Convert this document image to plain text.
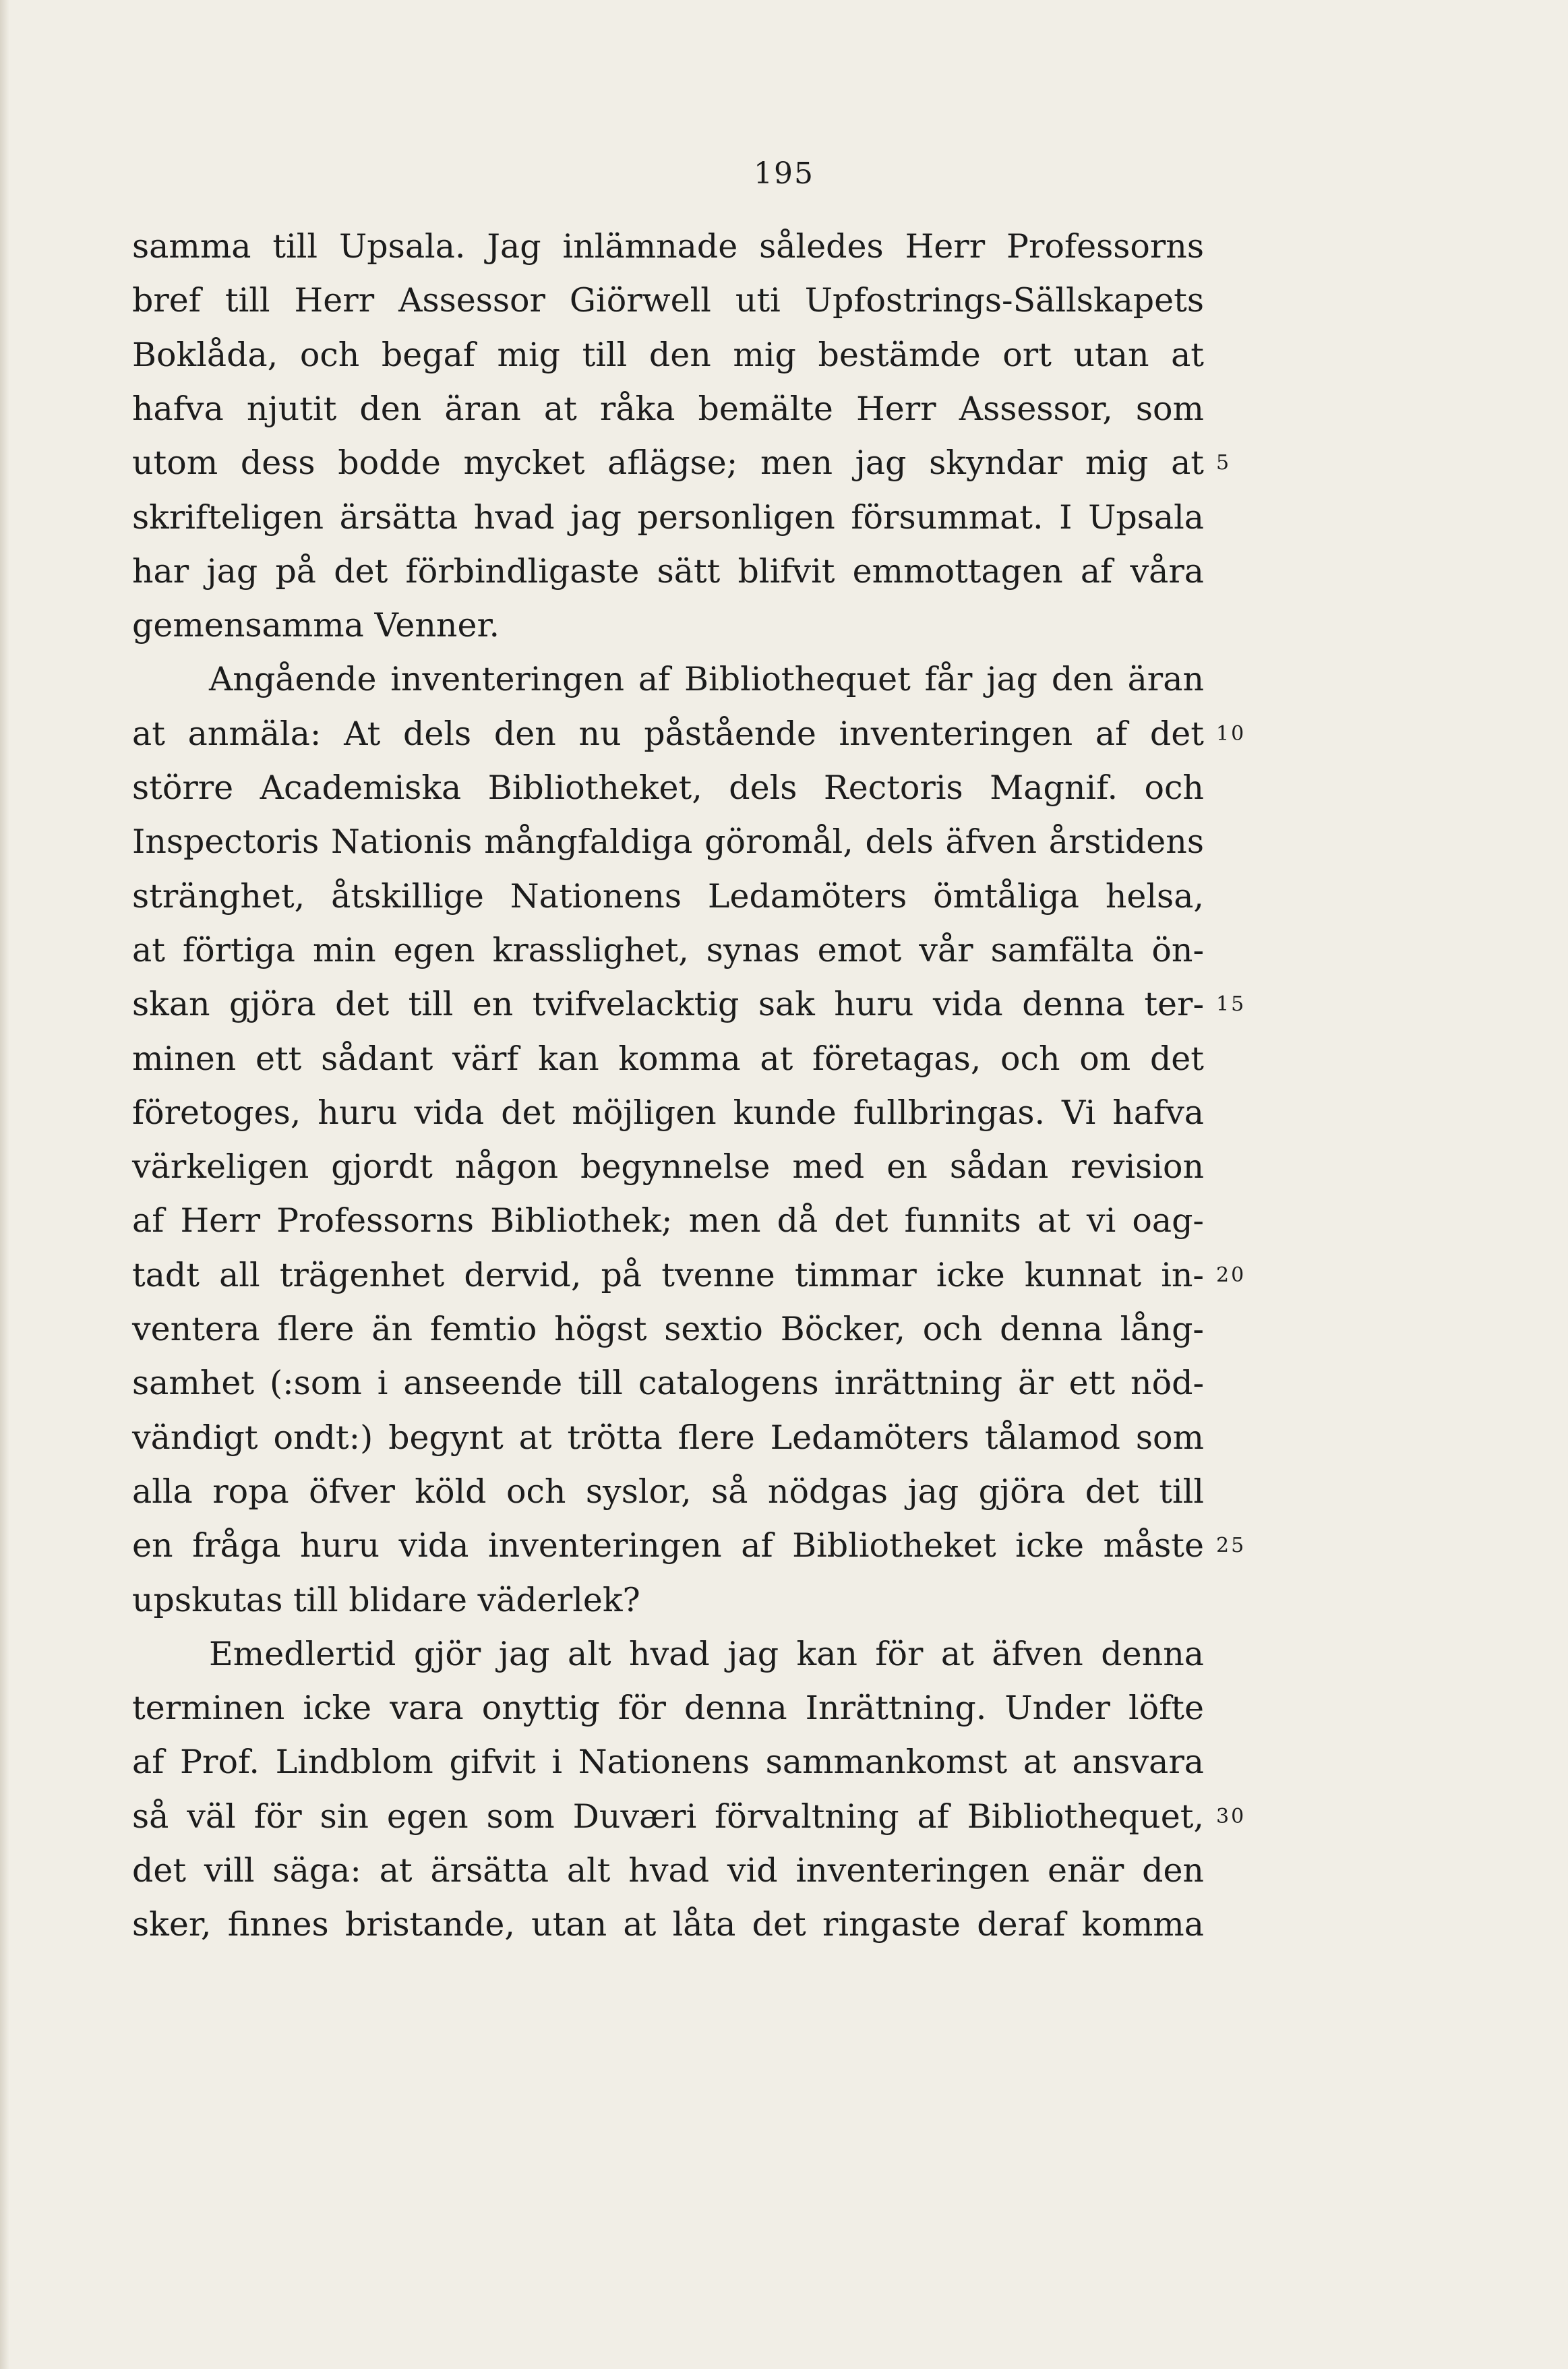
195
samma till Upsala. Jag inlämnade således Herr Professorns
bref till Herr Assessor Giörwell uti Upfostrings-Sällskapets
Boklåda, och begaf mig till den mig bestämde ort utan at
hafva njutit den äran at råka bemälte Herr Assessor, som
utom dess bodde mycket aflägse; men jag skyndar mig at
skrifteligen ärsätta hvad jag personligen försummat. I Upsala
har jag på det förbindligaste sätt blifvit emmottagen af våra
gemensamma Venner.
Angående inventeringen af Bibliothequet får jag den äran
at anmäla: At dels den nu påstående inventeringen af det
större Academiska Bibliotheket, dels Rectoris Magnif. och
Inspectoris Nationis mångfaldiga göromål, dels äfven årstidens
stränghet, åtskillige Nationens Ledamöters ömtåliga helsa,
at förtiga min egen krasslighet, synas emot vår samfälta ön-
skan gjöra det till en tvifvelacktig sak huru vida denna ter-
minen ett sådant värf kan komma at företagas, och om det
företoges, huru vida det möjligen kunde fullbringas. Vi hafva
värkeligen gjordt någon begynnelse med en sådan revision
af Herr Professorns Bibliothek; men då det funnits at vi oag-
tadt all trägenhet dervid, på tvenne timmar icke kunnat in-
ventera flere än femtio högst sextio Böcker, och denna lång-
samhet (:som i anseende till catalogens inrättning är ett nöd-
vändigt ondt:) begynt at trötta flere Ledamöters tålamod som
alla ropa öfver köld och syslor, så nödgas jag gjöra det till
en fråga huru vida inventeringen af Bibliotheket icke måste
upskutas till blidare väderlek?
Emedlertid gjör jag alt hvad jag kan för at äfven denna
terminen icke vara onyttig för denna Inrättning. Under löfte
af Prof. Lindblom gifvit i Nationens sammankomst at ansvara
så väl för sin egen som Duværi förvaltning af Bibliothequet,
det vill säga: at ärsätta alt hvad vid inventeringen enär den
sker, finnes bristande, utan at låta det ringaste deraf komma
5
10
15
20
25
30
